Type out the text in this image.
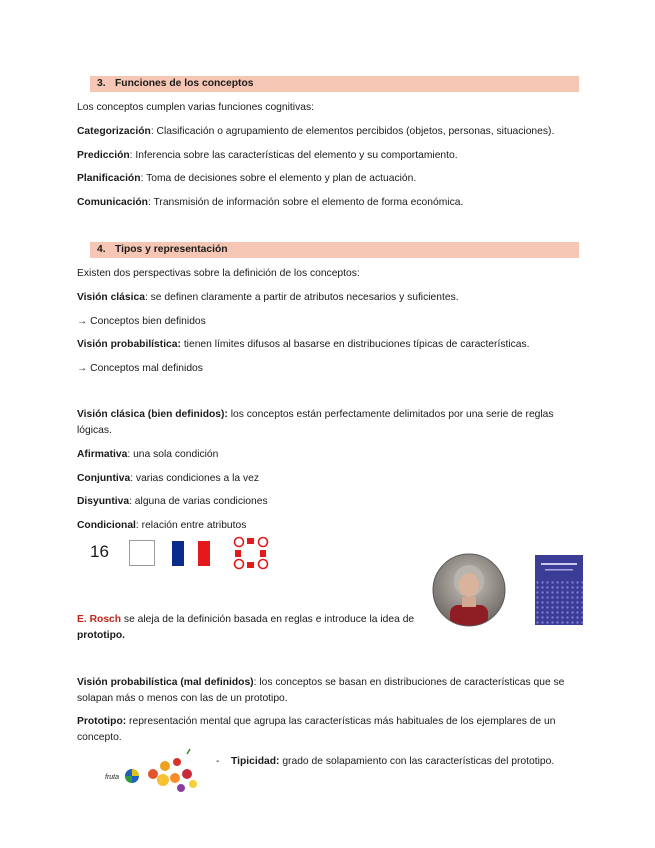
3. Funciones de los conceptos
Los conceptos cumplen varias funciones cognitivas:
Categorización: Clasificación o agrupamiento de elementos percibidos (objetos, personas, situaciones).
Predicción: Inferencia sobre las características del elemento y su comportamiento.
Planificación: Toma de decisiones sobre el elemento y plan de actuación.
Comunicación: Transmisión de información sobre el elemento de forma económica.
4. Tipos y representación
Existen dos perspectivas sobre la definición de los conceptos:
Visión clásica: se definen claramente a partir de atributos necesarios y suficientes.
→ Conceptos bien definidos
Visión probabilística: tienen límites difusos al basarse en distribuciones típicas de características.
→ Conceptos mal definidos
Visión clásica (bien definidos): los conceptos están perfectamente delimitados por una serie de reglas
lógicas.
Afirmativa: una sola condición
Conjuntiva: varias condiciones a la vez
Disyuntiva: alguna de varias condiciones
Condicional: relación entre atributos
16
E. Rosch se aleja de la definición basada en reglas e introduce la idea de
prototipo.
Visión probabilística (mal definidos): los conceptos se basan en distribuciones de características que se
solapan más o menos con las de un prototipo.
Prototipo: representación mental que agrupa las características más habituales de los ejemplares de un
concepto.
fruta
- Tipicidad: grado de solapamiento con las características del prototipo.
